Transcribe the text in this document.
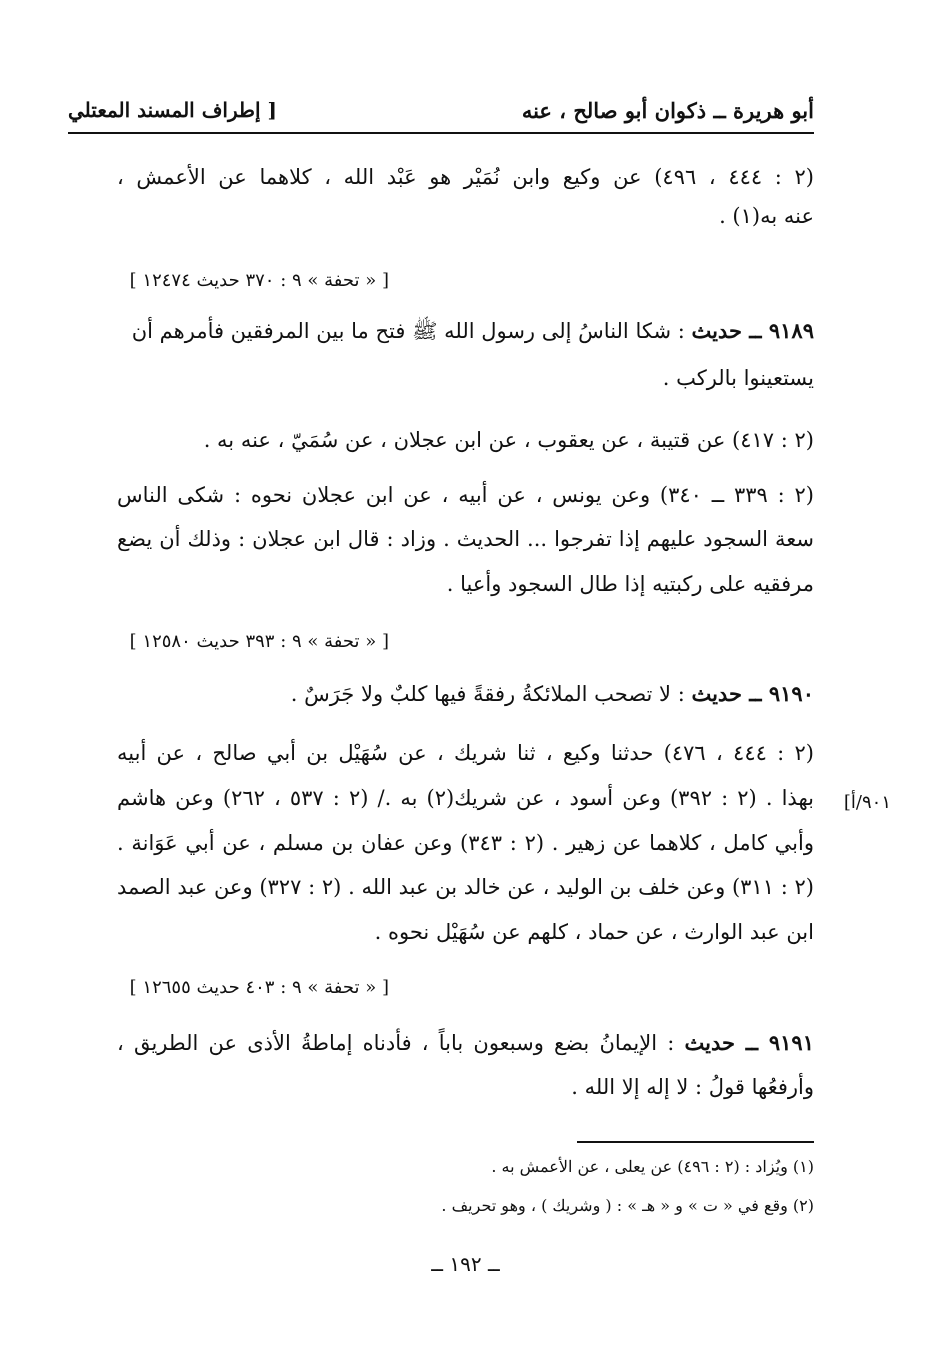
أبو هريرة ــ ذكوان أبو صالح ، عنه
[ إطراف المسند المعتلي
(٢ : ٤٤٤ ، ٤٩٦) عن وكيع وابن نُمَيْر هو عَبْد الله ، كلاهما عن الأعمش ،
عنه به(١) .
[ « تحفة » ٩ : ٣٧٠ حديث ١٢٤٧٤ ]
٩١٨٩ ــ حديث : شكا الناسُ إلى رسول الله ﷺ فتح ما بين المرفقين فأمرهم أن
يستعينوا بالركب .
(٢ : ٤١٧) عن قتيبة ، عن يعقوب ، عن ابن عجلان ، عن سُمَيّ ، عنه به .
(٢ : ٣٣٩ ــ ٣٤٠) وعن يونس ، عن أبيه ، عن ابن عجلان نحوه : شكى الناس
سعة السجود عليهم إذا تفرجوا ... الحديث . وزاد : قال ابن عجلان : وذلك أن يضع
مرفقيه على ركبتيه إذا طال السجود وأعيا .
[ « تحفة » ٩ : ٣٩٣ حديث ١٢٥٨٠ ]
٩١٩٠ ــ حديث : لا تصحب الملائكةُ رفقةً فيها كلبٌ ولا جَرَسٌ .
(٢ : ٤٤٤ ، ٤٧٦) حدثنا وكيع ، ثنا شريك ، عن سُهَيْل بن أبي صالح ، عن أبيه
بهذا . (٢ : ٣٩٢) وعن أسود ، عن شريك(٢) به ./ (٢ : ٥٣٧ ، ٢٦٢) وعن هاشم
وأبي كامل ، كلاهما عن زهير . (٢ : ٣٤٣) وعن عفان بن مسلم ، عن أبي عَوَانة .
(٢ : ٣١١) وعن خلف بن الوليد ، عن خالد بن عبد الله . (٢ : ٣٢٧) وعن عبد الصمد
ابن عبد الوارث ، عن حماد ، كلهم عن سُهَيْل نحوه .
[٩٠١/أ
[ « تحفة » ٩ : ٤٠٣ حديث ١٢٦٥٥ ]
٩١٩١ ــ حديث : الإيمانُ بضع وسبعون باباً ، فأدناه إماطةُ الأذى عن الطريق ،
وأرفعُها قولُ : لا إله إلا الله .
(١) ويُزاد : (٢ : ٤٩٦) عن يعلى ، عن الأعمش به .
(٢) وقع في « ت » و « هـ » : ( وشريك ) ، وهو تحريف .
ــ ١٩٢ ــ
